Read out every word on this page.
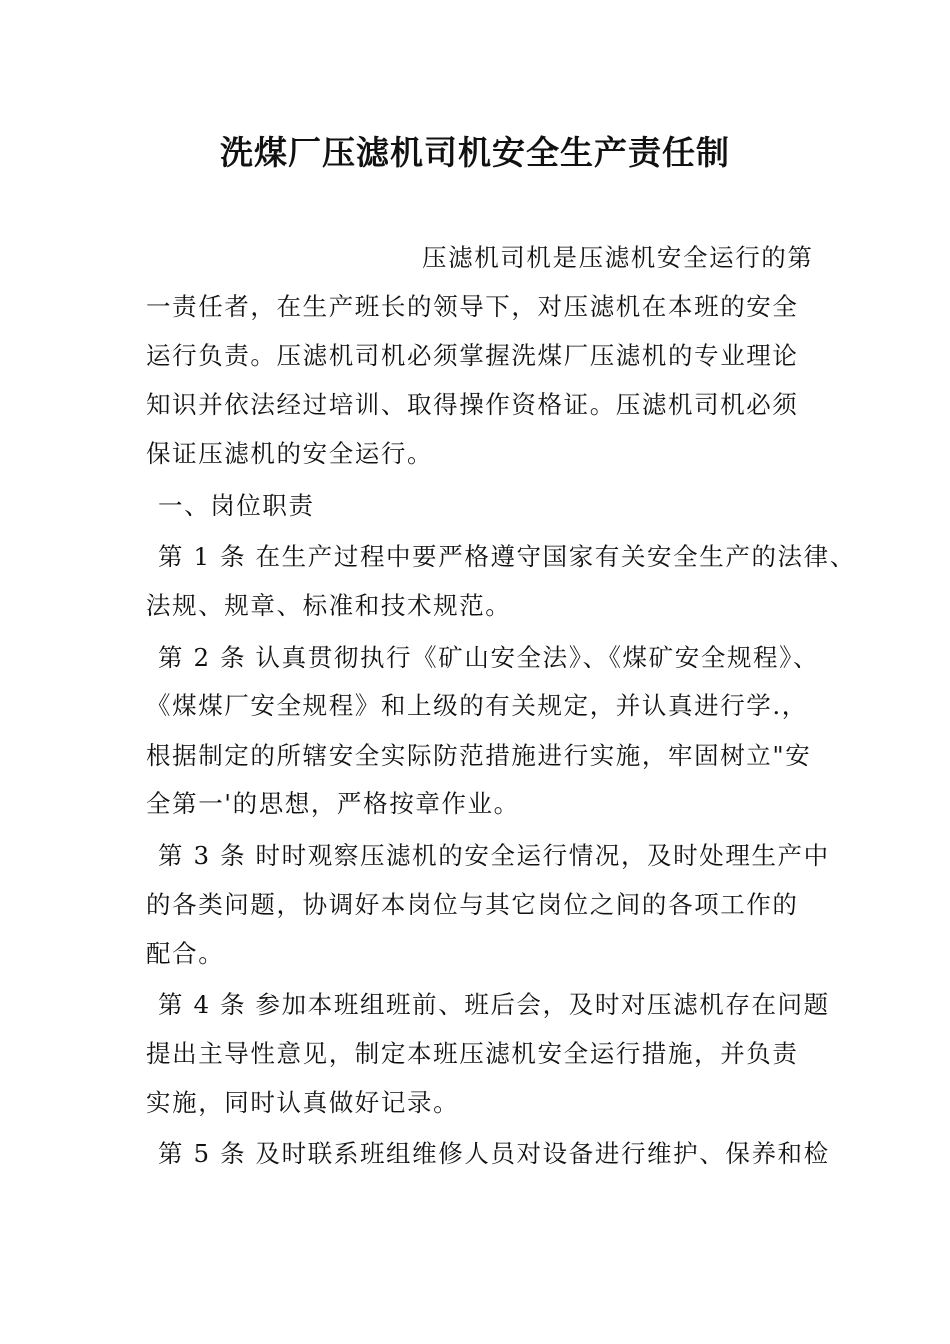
洗煤厂压滤机司机安全生产责任制
压滤机司机是压滤机安全运行的第
一责任者，在生产班长的领导下，对压滤机在本班的安全
运行负责。压滤机司机必须掌握洗煤厂压滤机的专业理论
知识并依法经过培训、取得操作资格证。压滤机司机必须
保证压滤机的安全运行。
一、岗位职责
第 1 条 在生产过程中要严格遵守国家有关安全生产的法律、
法规、规章、标准和技术规范。
第 2 条 认真贯彻执行《矿山安全法》、《煤矿安全规程》、
《煤煤厂安全规程》和上级的有关规定，并认真进行学.，
根据制定的所辖安全实际防范措施进行实施，牢固树立"安
全第一'的思想，严格按章作业。
第 3 条 时时观察压滤机的安全运行情况，及时处理生产中
的各类问题，协调好本岗位与其它岗位之间的各项工作的
配合。
第 4 条 参加本班组班前、班后会，及时对压滤机存在问题
提出主导性意见，制定本班压滤机安全运行措施，并负责
实施，同时认真做好记录。
第 5 条 及时联系班组维修人员对设备进行维护、保养和检
